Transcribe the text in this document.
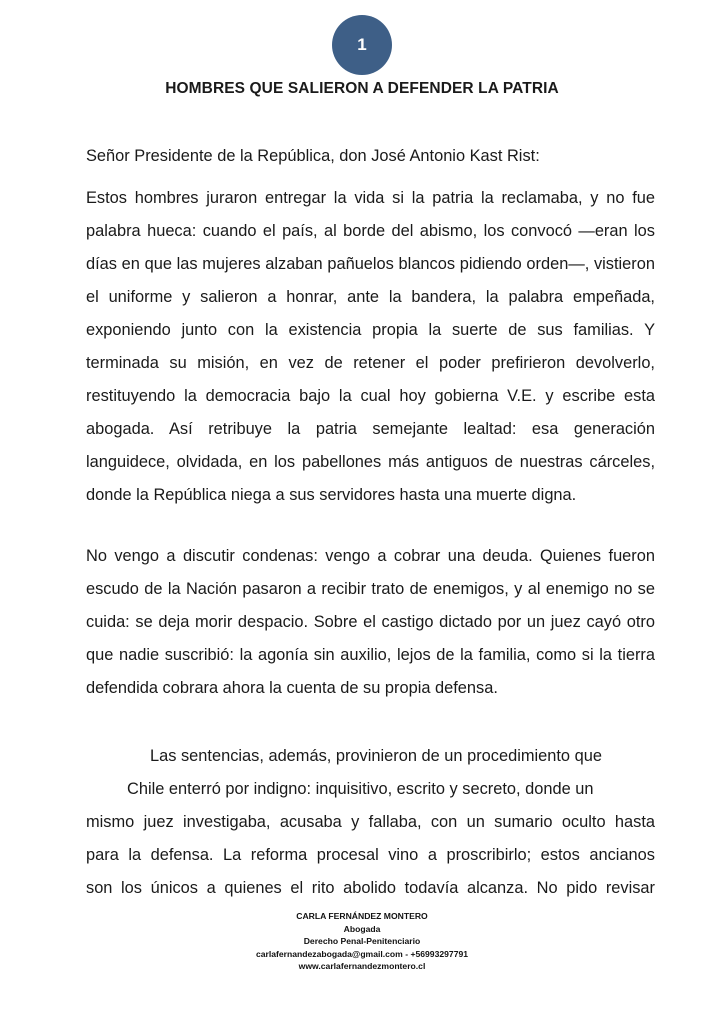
1
HOMBRES QUE SALIERON A DEFENDER LA PATRIA

Señor Presidente de la República, don José Antonio Kast Rist:

Estos hombres juraron entregar la vida si la patria la reclamaba, y no fue palabra hueca: cuando el país, al borde del abismo, los convocó —eran los días en que las mujeres alzaban pañuelos blancos pidiendo orden—, vistieron el uniforme y salieron a honrar, ante la bandera, la palabra empeñada, exponiendo junto con la existencia propia la suerte de sus familias. Y terminada su misión, en vez de retener el poder prefirieron devolverlo, restituyendo la democracia bajo la cual hoy gobierna V.E. y escribe esta abogada. Así retribuye la patria semejante lealtad: esa generación languidece, olvidada, en los pabellones más antiguos de nuestras cárceles, donde la República niega a sus servidores hasta una muerte digna.

No vengo a discutir condenas: vengo a cobrar una deuda. Quienes fueron escudo de la Nación pasaron a recibir trato de enemigos, y al enemigo no se cuida: se deja morir despacio. Sobre el castigo dictado por un juez cayó otro que nadie suscribió: la agonía sin auxilio, lejos de la familia, como si la tierra defendida cobrara ahora la cuenta de su propia defensa.

Las sentencias, además, provinieron de un procedimiento que

Chile enterró por indigno: inquisitivo, escrito y secreto, donde un

mismo juez investigaba, acusaba y fallaba, con un sumario oculto hasta

para la defensa. La reforma procesal vino a proscribirlo; estos ancianos

son los únicos a quienes el rito abolido todavía alcanza. No pido revisar

CARLA FERNÁNDEZ MONTERO
Abogada
Derecho Penal-Penitenciario
carlafernandezabogada@gmail.com - +56993297791
www.carlafernandezmontero.cl
